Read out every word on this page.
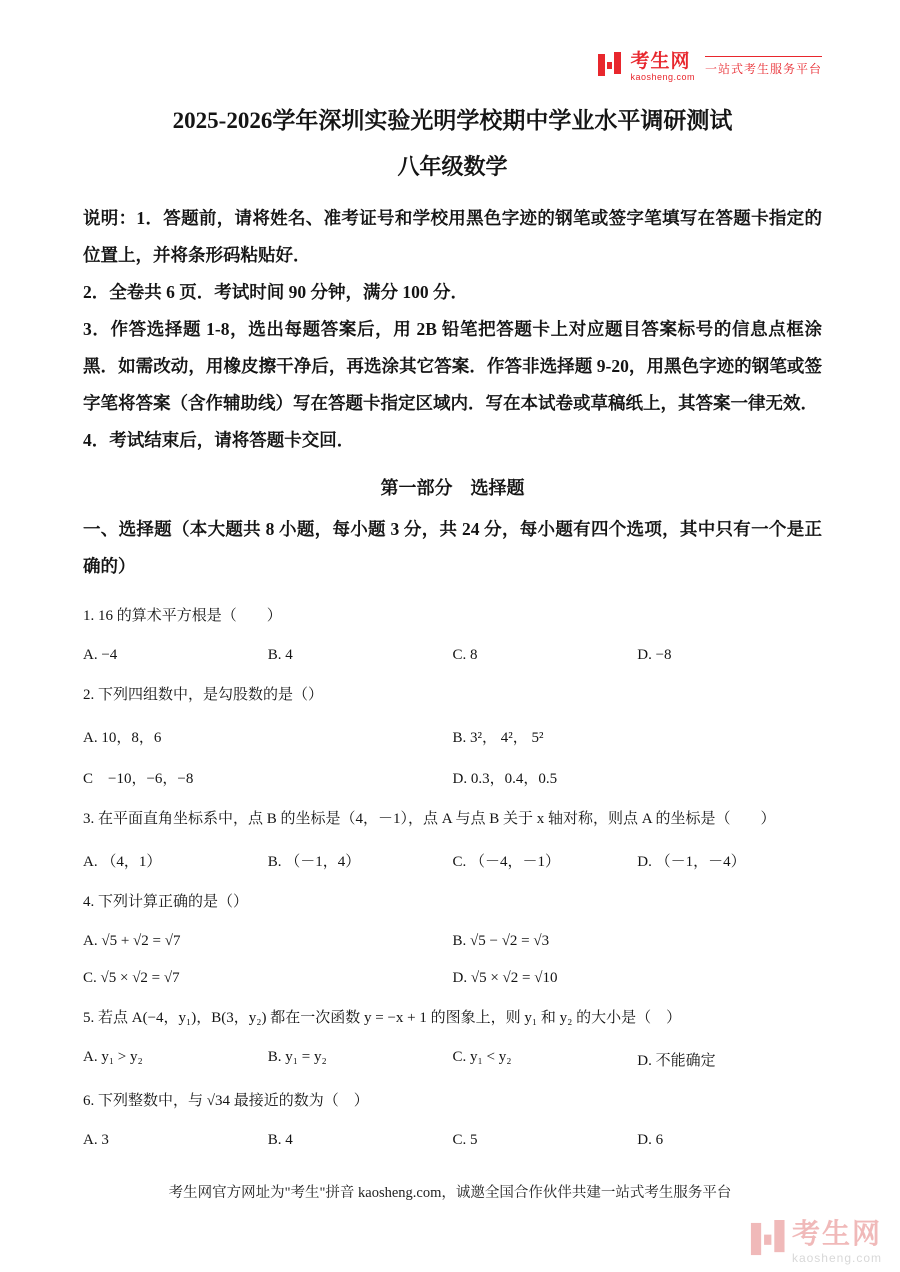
考生网
kaosheng.com
一站式考生服务平台
2025-2026学年深圳实验光明学校期中学业水平调研测试
八年级数学

说明：1．答题前，请将姓名、准考证号和学校用黑色字迹的钢笔或签字笔填写在答题卡指定的位置上，并将条形码粘贴好．

2．全卷共 6 页．考试时间 90 分钟，满分 100 分．

3．作答选择题 1-8，选出每题答案后，用 2B 铅笔把答题卡上对应题目答案标号的信息点框涂黑．如需改动，用橡皮擦干净后，再选涂其它答案．作答非选择题 9-20，用黑色字迹的钢笔或签字笔将答案（含作辅助线）写在答题卡指定区域内．写在本试卷或草稿纸上，其答案一律无效．

4．考试结束后，请将答题卡交回．

第一部分　选择题
一、选择题（本大题共 8 小题，每小题 3 分，共 24 分，每小题有四个选项，其中只有一个是正确的）
1. 16 的算术平方根是（　　）
A. −4	B. 4	C. 8	D. −8
2. 下列四组数中，是勾股数的是（）
A. 10，8，6	B. 3²， 4²， 5²
C　−10，−6，−8	D. 0.3，0.4，0.5
3. 在平面直角坐标系中，点 B 的坐标是（4，－1），点 A 与点 B 关于 x 轴对称，则点 A 的坐标是（　　）
A. （4，1）	B. （－1，4）	C. （－4，－1）	D. （－1，－4）
4. 下列计算正确的是（）
A. √5 + √2 = √7	B. √5 − √2 = √3
C. √5 × √2 = √7	D. √5 × √2 = √10
5. 若点 A(−4，y₁)，B(3，y₂) 都在一次函数 y = −x + 1 的图象上，则 y₁ 和 y₂ 的大小是（　）
A. y₁ > y₂	B. y₁ = y₂	C. y₁ < y₂	D. 不能确定
6. 下列整数中，与 √34 最接近的数为（　）
A. 3	B. 4	C. 5	D. 6
考生网官方网址为"考生"拼音 kaosheng.com，诚邀全国合作伙伴共建一站式考生服务平台
考生网
kaosheng.com
